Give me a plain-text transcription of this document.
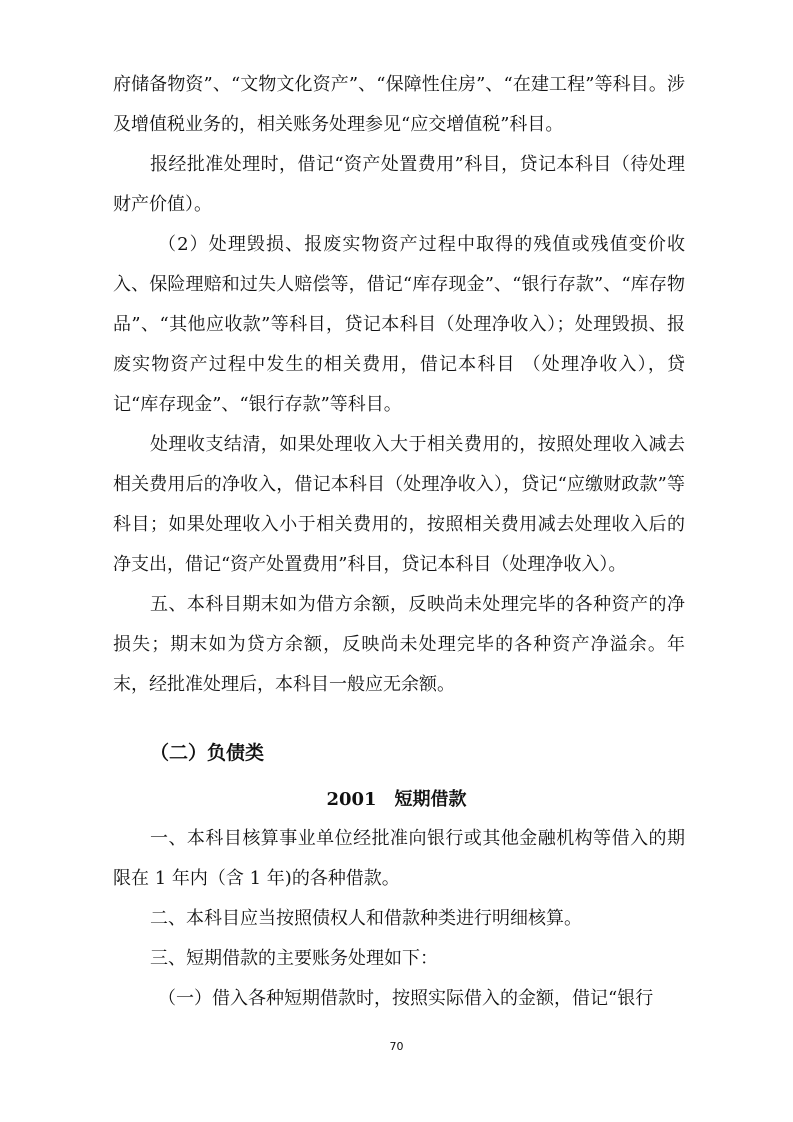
府储备物资”、“文物文化资产”、“保障性住房”、“在建工程”等科目。涉及增值税业务的，相关账务处理参见“应交增值税”科目。

报经批准处理时，借记“资产处置费用”科目，贷记本科目（待处理财产价值）。

（2）处理毁损、报废实物资产过程中取得的残值或残值变价收入、保险理赔和过失人赔偿等，借记“库存现金”、“银行存款”、“库存物品”、“其他应收款”等科目，贷记本科目（处理净收入）；处理毁损、报废实物资产过程中发生的相关费用，借记本科目 （处理净收入），贷记“库存现金”、“银行存款”等科目。

处理收支结清，如果处理收入大于相关费用的，按照处理收入减去相关费用后的净收入，借记本科目（处理净收入），贷记“应缴财政款”等科目；如果处理收入小于相关费用的，按照相关费用减去处理收入后的净支出，借记“资产处置费用”科目，贷记本科目（处理净收入）。

五、本科目期末如为借方余额，反映尚未处理完毕的各种资产的净损失；期末如为贷方余额，反映尚未处理完毕的各种资产净溢余。年末，经批准处理后，本科目一般应无余额。

（二）负债类
2001 短期借款

一、本科目核算事业单位经批准向银行或其他金融机构等借入的期限在 1 年内（含 1 年)的各种借款。

二、本科目应当按照债权人和借款种类进行明细核算。

三、短期借款的主要账务处理如下：

（一）借入各种短期借款时，按照实际借入的金额，借记“银行

70
